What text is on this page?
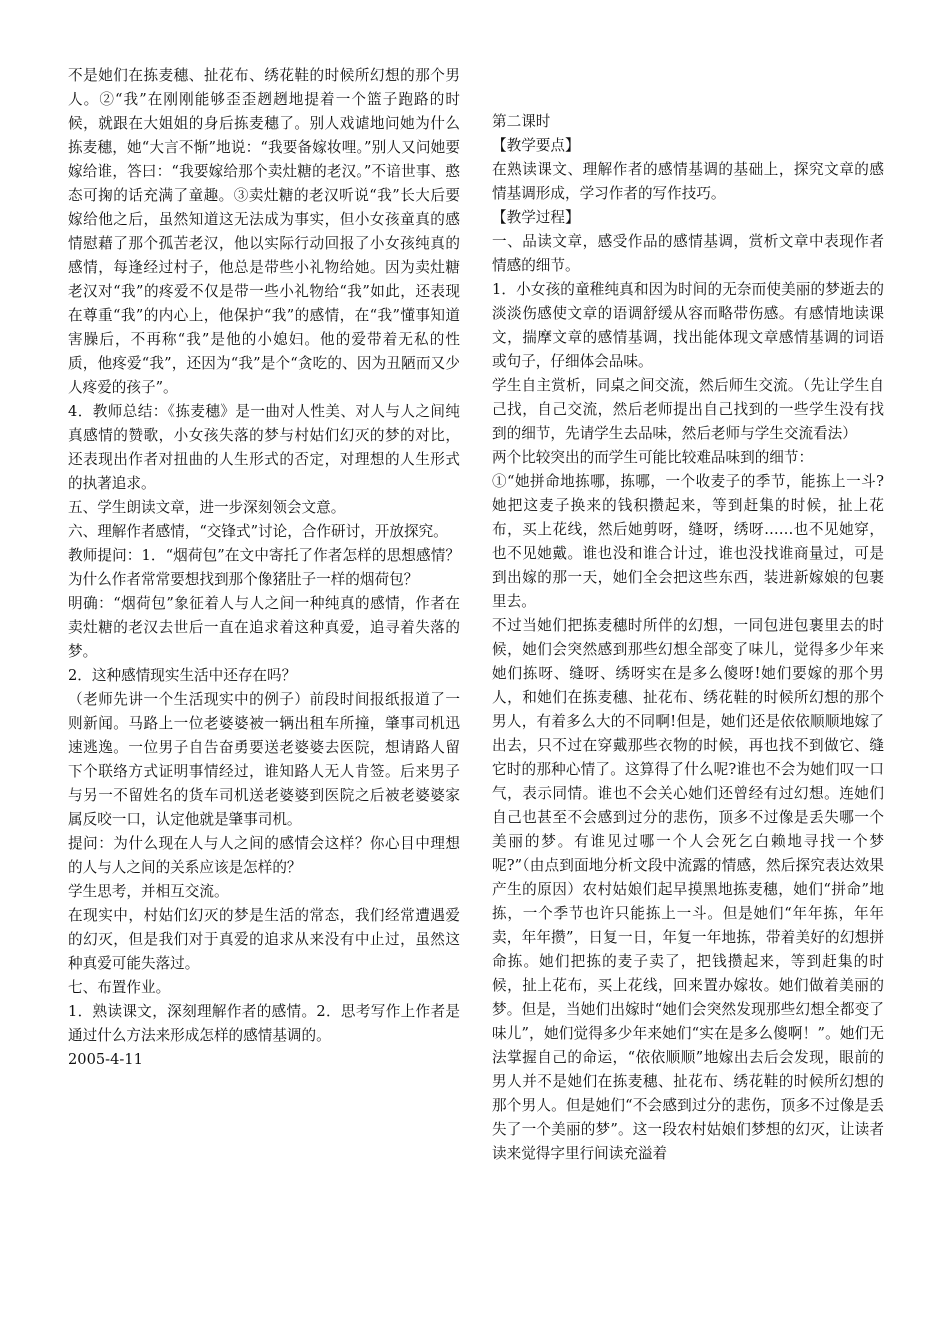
不是她们在拣麦穗、扯花布、绣花鞋的时候所幻想的那个男人。②“我”在刚刚能够歪歪趔趔地提着一个篮子跑路的时候，就跟在大姐姐的身后拣麦穗了。别人戏谑地问她为什么拣麦穗，她“大言不惭”地说：“我要备嫁妆哩。”别人又问她要嫁给谁，答曰：“我要嫁给那个卖灶糖的老汉。”不谙世事、憨态可掬的话充满了童趣。③卖灶糖的老汉听说“我”长大后要嫁给他之后，虽然知道这无法成为事实，但小女孩童真的感情慰藉了那个孤苦老汉，他以实际行动回报了小女孩纯真的感情，每逢经过村子，他总是带些小礼物给她。因为卖灶糖老汉对“我”的疼爱不仅是带一些小礼物给“我”如此，还表现在尊重“我”的内心上，他保护“我”的感情，在“我”懂事知道害臊后，不再称“我”是他的小媳妇。他的爱带着无私的性质，他疼爱“我”，还因为“我”是个“贪吃的、因为丑陋而又少人疼爱的孩子”。

4．教师总结：《拣麦穗》是一曲对人性美、对人与人之间纯真感情的赞歌，小女孩失落的梦与村姑们幻灭的梦的对比，还表现出作者对扭曲的人生形式的否定，对理想的人生形式的执著追求。

五、学生朗读文章，进一步深刻领会文意。

六、理解作者感情，“交锋式”讨论，合作研讨，开放探究。

教师提问：1．“烟荷包”在文中寄托了作者怎样的思想感情？为什么作者常常要想找到那个像猪肚子一样的烟荷包？

明确：“烟荷包”象征着人与人之间一种纯真的感情，作者在卖灶糖的老汉去世后一直在追求着这种真爱，追寻着失落的梦。

2．这种感情现实生活中还存在吗？

（老师先讲一个生活现实中的例子）前段时间报纸报道了一则新闻。马路上一位老婆婆被一辆出租车所撞，肇事司机迅速逃逸。一位男子自告奋勇要送老婆婆去医院，想请路人留下个联络方式证明事情经过，谁知路人无人肯签。后来男子与另一不留姓名的货车司机送老婆婆到医院之后被老婆婆家属反咬一口，认定他就是肇事司机。

提问：为什么现在人与人之间的感情会这样？你心目中理想的人与人之间的关系应该是怎样的？

学生思考，并相互交流。

在现实中，村姑们幻灭的梦是生活的常态，我们经常遭遇爱的幻灭，但是我们对于真爱的追求从来没有中止过，虽然这种真爱可能失落过。

七、布置作业。

1．熟读课文，深刻理解作者的感情。2．思考写作上作者是通过什么方法来形成怎样的感情基调的。

2005-4-11

第二课时

【教学要点】

在熟读课文、理解作者的感情基调的基础上，探究文章的感情基调形成，学习作者的写作技巧。

【教学过程】

一、品读文章，感受作品的感情基调，赏析文章中表现作者情感的细节。

1．小女孩的童稚纯真和因为时间的无奈而使美丽的梦逝去的淡淡伤感使文章的语调舒缓从容而略带伤感。有感情地读课文，揣摩文章的感情基调，找出能体现文章感情基调的词语或句子，仔细体会品味。

学生自主赏析，同桌之间交流，然后师生交流。（先让学生自己找，自己交流，然后老师提出自己找到的一些学生没有找到的细节，先请学生去品味，然后老师与学生交流看法）

两个比较突出的而学生可能比较难品味到的细节：

①“她拼命地拣哪，拣哪，一个收麦子的季节，能拣上一斗?她把这麦子换来的钱积攒起来，等到赶集的时候，扯上花布，买上花线，然后她剪呀，缝呀，绣呀……也不见她穿，也不见她戴。谁也没和谁合计过，谁也没找谁商量过，可是到出嫁的那一天，她们全会把这些东西，装进新嫁娘的包裹里去。

不过当她们把拣麦穗时所伴的幻想，一同包进包裹里去的时候，她们会突然感到那些幻想全部变了味儿，觉得多少年来她们拣呀、缝呀、绣呀实在是多么傻呀!她们要嫁的那个男人，和她们在拣麦穗、扯花布、绣花鞋的时候所幻想的那个男人，有着多么大的不同啊!但是，她们还是依依顺顺地嫁了出去，只不过在穿戴那些衣物的时候，再也找不到做它、缝它时的那种心情了。这算得了什么呢?谁也不会为她们叹一口气，表示同情。谁也不会关心她们还曾经有过幻想。连她们自己也甚至不会感到过分的悲伤，顶多不过像是丢失哪一个美丽的梦。有谁见过哪一个人会死乞白赖地寻找一个梦呢?”（由点到面地分析文段中流露的情感，然后探究表达效果产生的原因）农村姑娘们起早摸黑地拣麦穗，她们“拼命”地拣，一个季节也许只能拣上一斗。但是她们“年年拣，年年卖，年年攒”，日复一日，年复一年地拣，带着美好的幻想拼命拣。她们把拣的麦子卖了，把钱攒起来，等到赶集的时候，扯上花布，买上花线，回来置办嫁妆。她们做着美丽的梦。但是，当她们出嫁时“她们会突然发现那些幻想全都变了味儿”，她们觉得多少年来她们“实在是多么傻啊！”。她们无法掌握自己的命运，“依依顺顺”地嫁出去后会发现，眼前的男人并不是她们在拣麦穗、扯花布、绣花鞋的时候所幻想的那个男人。但是她们“不会感到过分的悲伤，顶多不过像是丢失了一个美丽的梦”。这一段农村姑娘们梦想的幻灭，让读者读来觉得字里行间读充溢着
